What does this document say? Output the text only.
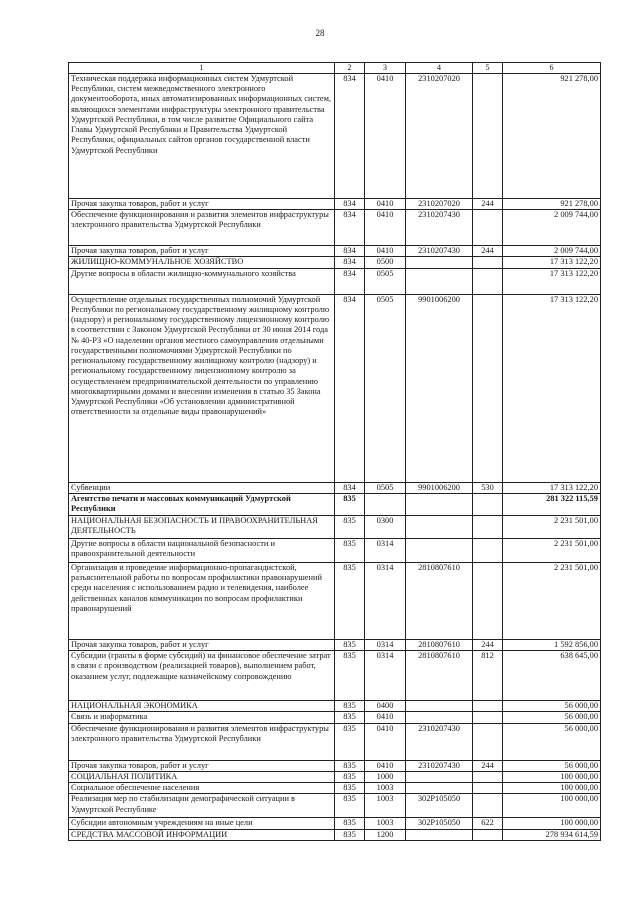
28
1	2	3	4	5	6
Техническая поддержка информационных систем Удмуртской Республики, систем межведомственного электронного документооборота, иных автоматизированных информационных систем, являющихся элементами инфраструктуры электронного правительства Удмуртской Республики, в том числе развитие Официального сайта Главы Удмуртской Республики и Правительства Удмуртской Республики, официальных сайтов органов государственной власти Удмуртской Республики	834	0410	2310207020		921 278,00
Прочая закупка товаров, работ и услуг	834	0410	2310207020	244	921 278,00
Обеспечение функционирования и развития элементов инфраструктуры электронного правительства Удмуртской Республики	834	0410	2310207430		2 009 744,00
Прочая закупка товаров, работ и услуг	834	0410	2310207430	244	2 009 744,00
ЖИЛИЩНО-КОММУНАЛЬНОЕ ХОЗЯЙСТВО	834	0500			17 313 122,20
Другие вопросы в области жилищно-коммунального хозяйства	834	0505			17 313 122,20
Осуществление отдельных государственных полномочий Удмуртской Республики по региональному государственному жилищному контролю (надзору) и региональному государственному лицензионному контролю в соответствии с Законом Удмуртской Республики от 30 июня 2014 года № 40-РЗ «О наделении органов местного самоуправления отдельными государственными полномочиями Удмуртской Республики по региональному государственному жилищному контролю (надзору) и региональному государственному лицензионному контролю за осуществлением предпринимательской деятельности по управлению многоквартирными домами и внесении изменения в статью 35 Закона Удмуртской Республики «Об установлении административной ответственности за отдельные виды правонарушений»	834	0505	9901006200		17 313 122,20
Субвенции	834	0505	9901006200	530	17 313 122,20
Агентство печати и массовых коммуникаций Удмуртской Республики	835				281 322 115,59
НАЦИОНАЛЬНАЯ БЕЗОПАСНОСТЬ И ПРАВООХРАНИТЕЛЬНАЯ ДЕЯТЕЛЬНОСТЬ	835	0300			2 231 501,00
Другие вопросы в области национальной безопасности и правоохранительной деятельности	835	0314			2 231 501,00
Организация и проведение информационно-пропагандистской, разъяснительной работы по вопросам профилактики правонарушений среди населения с использованием радио и телевидения, наиболее действенных каналов коммуникации по вопросам профилактики правонарушений	835	0314	2810807610		2 231 501,00
Прочая закупка товаров, работ и услуг	835	0314	2810807610	244	1 592 856,00
Субсидии (гранты в форме субсидий) на финансовое обеспечение затрат в связи с производством (реализацией товаров), выполнением работ, оказанием услуг, подлежащие казначейскому сопровождению	835	0314	2810807610	812	638 645,00
НАЦИОНАЛЬНАЯ ЭКОНОМИКА	835	0400			56 000,00
Связь и информатика	835	0410			56 000,00
Обеспечение функционирования и развития элементов инфраструктуры электронного правительства Удмуртской Республики	835	0410	2310207430		56 000,00
Прочая закупка товаров, работ и услуг	835	0410	2310207430	244	56 000,00
СОЦИАЛЬНАЯ ПОЛИТИКА	835	1000			100 000,00
Социальное обеспечение населения	835	1003			100 000,00
Реализация мер по стабилизации демографической ситуации в Удмуртской Республике	835	1003	302P105050		100 000,00
Субсидии автономным учреждениям на иные цели	835	1003	302P105050	622	100 000,00
СРЕДСТВА МАССОВОЙ ИНФОРМАЦИИ	835	1200			278 934 614,59
